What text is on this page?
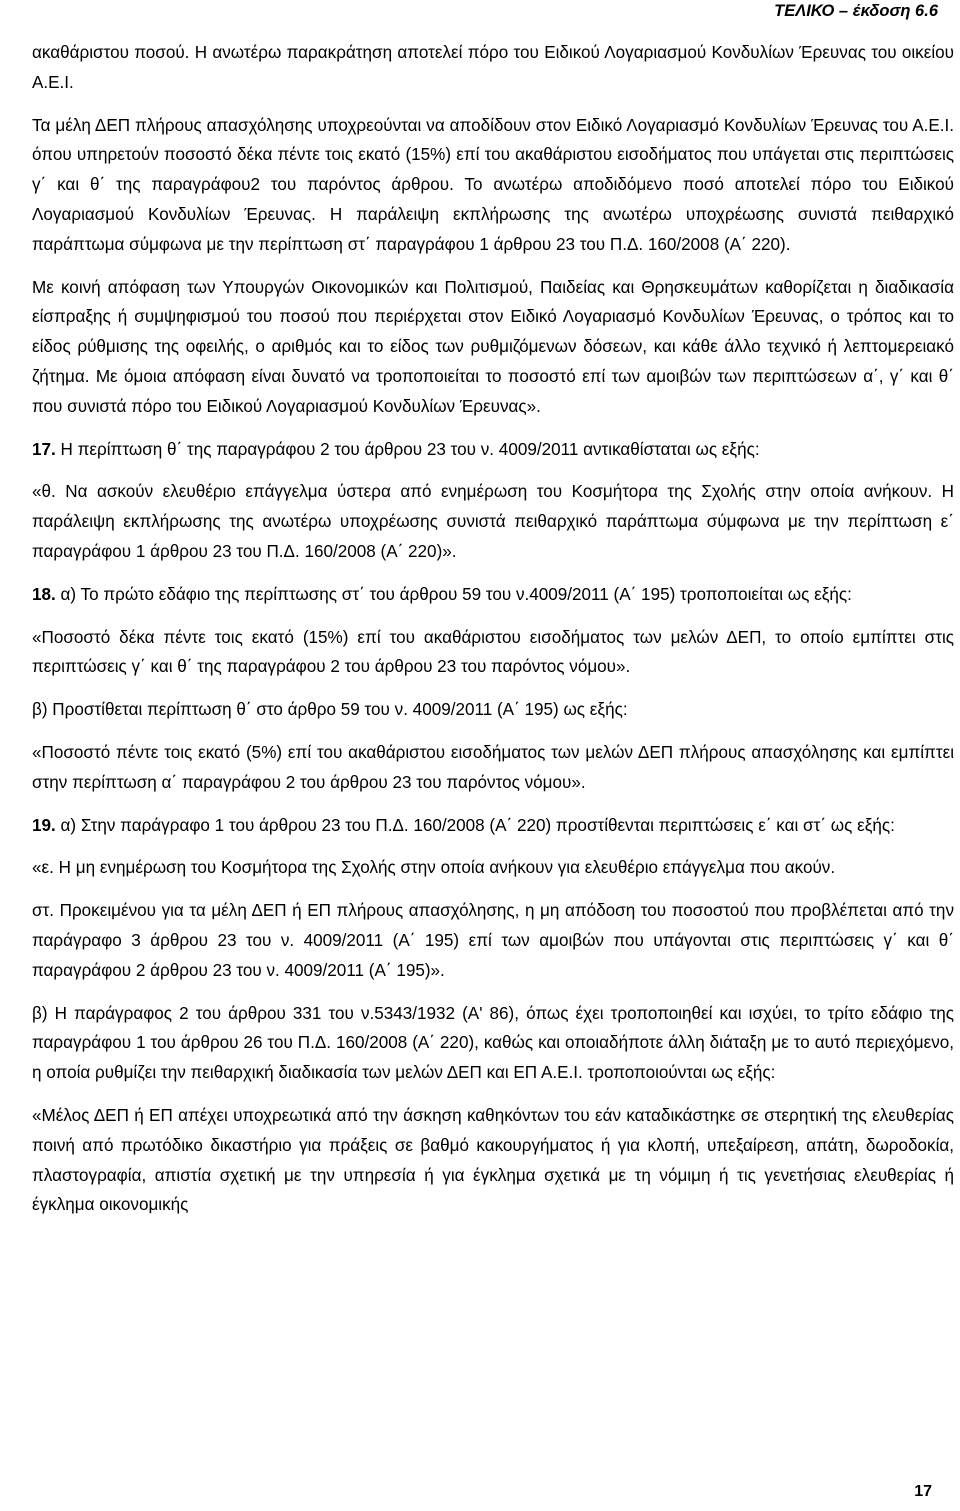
ΤΕΛΙΚΟ – έκδοση 6.6

ακαθάριστου ποσού. Η ανωτέρω παρακράτηση αποτελεί πόρο του Ειδικού Λογαριασμού Κονδυλίων Έρευνας του οικείου Α.Ε.Ι.

Τα μέλη ΔΕΠ πλήρους απασχόλησης υποχρεούνται να αποδίδουν στον Ειδικό Λογαριασμό Κονδυλίων Έρευνας του Α.Ε.Ι. όπου υπηρετούν ποσοστό δέκα πέντε τοις εκατό (15%) επί του ακαθάριστου εισοδήματος που υπάγεται στις περιπτώσεις γ΄ και θ΄ της παραγράφου2 του παρόντος άρθρου. Το ανωτέρω αποδιδόμενο ποσό αποτελεί πόρο του Ειδικού Λογαριασμού Κονδυλίων Έρευνας. Η παράλειψη εκπλήρωσης της ανωτέρω υποχρέωσης συνιστά πειθαρχικό παράπτωμα σύμφωνα με την περίπτωση στ΄ παραγράφου 1 άρθρου 23 του Π.Δ. 160/2008 (Α΄ 220).

Με κοινή απόφαση των Υπουργών Οικονομικών και Πολιτισμού, Παιδείας και Θρησκευμάτων καθορίζεται η διαδικασία είσπραξης ή συμψηφισμού του ποσού που περιέρχεται στον Ειδικό Λογαριασμό Κονδυλίων Έρευνας, ο τρόπος και το είδος ρύθμισης της οφειλής, ο αριθμός και το είδος των ρυθμιζόμενων δόσεων, και κάθε άλλο τεχνικό ή λεπτομερειακό ζήτημα. Με όμοια απόφαση είναι δυνατό να τροποποιείται το ποσοστό επί των αμοιβών των περιπτώσεων α΄, γ΄ και θ΄ που συνιστά πόρο του Ειδικού Λογαριασμού Κονδυλίων Έρευνας».

17. Η περίπτωση θ΄ της παραγράφου 2 του άρθρου 23 του ν. 4009/2011 αντικαθίσταται ως εξής:

«θ. Να ασκούν ελευθέριο επάγγελμα ύστερα από ενημέρωση του Κοσμήτορα της Σχολής στην οποία ανήκουν. Η παράλειψη εκπλήρωσης της ανωτέρω υποχρέωσης συνιστά πειθαρχικό παράπτωμα σύμφωνα με την περίπτωση ε΄ παραγράφου 1 άρθρου 23 του Π.Δ. 160/2008 (Α΄ 220)».

18. α) Το πρώτο εδάφιο της περίπτωσης στ΄ του άρθρου 59 του ν.4009/2011 (Α΄ 195) τροποποιείται ως εξής:

«Ποσοστό δέκα πέντε τοις εκατό (15%) επί του ακαθάριστου εισοδήματος των μελών ΔΕΠ, το οποίο εμπίπτει στις περιπτώσεις γ΄ και θ΄ της παραγράφου 2 του άρθρου 23 του παρόντος νόμου».

β) Προστίθεται περίπτωση θ΄ στο άρθρο 59 του ν. 4009/2011 (Α΄ 195) ως εξής:

«Ποσοστό πέντε τοις εκατό (5%) επί του ακαθάριστου εισοδήματος των μελών ΔΕΠ πλήρους απασχόλησης και εμπίπτει στην περίπτωση α΄ παραγράφου 2 του άρθρου 23 του παρόντος νόμου».

19. α) Στην παράγραφο 1 του άρθρου 23 του Π.Δ. 160/2008 (Α΄ 220) προστίθενται περιπτώσεις ε΄ και στ΄ ως εξής:

«ε. Η μη ενημέρωση του Κοσμήτορα της Σχολής στην οποία ανήκουν για ελευθέριο επάγγελμα που ακούν.

στ. Προκειμένου για τα μέλη ΔΕΠ ή ΕΠ πλήρους απασχόλησης, η μη απόδοση του ποσοστού που προβλέπεται από την παράγραφο 3 άρθρου 23 του ν. 4009/2011 (Α΄ 195) επί των αμοιβών που υπάγονται στις περιπτώσεις γ΄ και θ΄ παραγράφου 2 άρθρου 23 του ν. 4009/2011 (Α΄ 195)».

β) Η παράγραφος 2 του άρθρου 331 του ν.5343/1932 (Α' 86), όπως έχει τροποποιηθεί και ισχύει, το τρίτο εδάφιο της παραγράφου 1 του άρθρου 26 του Π.Δ. 160/2008 (Α΄ 220), καθώς και οποιαδήποτε άλλη διάταξη με το αυτό περιεχόμενο, η οποία ρυθμίζει την πειθαρχική διαδικασία των μελών ΔΕΠ και ΕΠ Α.Ε.Ι. τροποποιούνται ως εξής:

«Μέλος ΔΕΠ ή ΕΠ απέχει υποχρεωτικά από την άσκηση καθηκόντων του εάν καταδικάστηκε σε στερητική της ελευθερίας ποινή από πρωτόδικο δικαστήριο για πράξεις σε βαθμό κακουργήματος ή για κλοπή, υπεξαίρεση, απάτη, δωροδοκία, πλαστογραφία, απιστία σχετική με την υπηρεσία ή για έγκλημα σχετικά με τη νόμιμη ή τις γενετήσιας ελευθερίας ή έγκλημα οικονομικής

17
